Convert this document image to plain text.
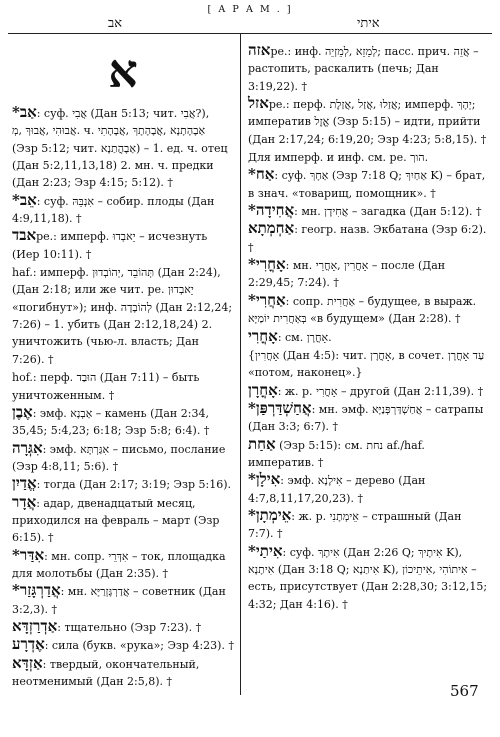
[ А Р А М . ]
אב	איתי
א
*אַב: суф. אֲבִי (Дан 5:13; чит. אֲבִי?), אֲבוּהִי ,אֲבוּךְ ,מְ. ч. אַבָהָתָנָא ,אֲבָהָתָךְ ,אֲבָהָתִי (Эзр 5:12; чит. אַבָהֳתַנָא) – 1. ед. ч. отец (Дан 5:2,11,13,18) 2. мн. ч. предки (Дан 2:23; Эзр 4:15; 5:12). †
*אֵב: суф. אִנְבֵּהּ – собир. плоды (Дан 4:9,11,18). †
אבדpe.: имперф. יֵאבְדוּ – исчезнуть (Иер 10:11). †
haf.: имперф. תְּהוֹבֵד ,יְהוֹבְדוּן (Дан 2:24), (Дан 2:18; или же чит. ре. יֵאבְדוּן «погибнут»); инф. לְהוֹבָדָה (Дан 2:12,24; 7:26) – 1. убить (Дан 2:12,18,24) 2. уничтожить (чью-л. власть; Дан 7:26). †
hof.: перф. הוּבַד (Дан 7:11) – быть уничтоженным. †
אֶבֶן: эмф. אַבְנָא – камень (Дан 2:34, 35,45; 5:4,23; 6:18; Эзр 5:8; 6:4). †
אִגְּרָה: эмф. אִגַּרְתָּא – письмо, послание (Эзр 4:8,11; 5:6). †
אֱדַיִן: тогда (Дан 2:17; 3:19; Эзр 5:16).
אֲדָר: адар, двенадцатый месяц, приходился на февраль – март (Эзр 6:15). †
*אִדַּר: мн. сопр. אִדְּרֵי – ток, площадка для молотьбы (Дан 2:35). †
*אֲדַרְגָּזַר: мн. אֲדַרְגָּזְרַיָּא – советник (Дан 3:2,3). †
אַדְרַזְדָּא: тщательно (Эзр 7:23). †
אֶדְרָע: сила (букв. «рука»; Эзр 4:23). †
אַזְדָּא: твердый, окончательный, неотменимый (Дан 2:5,8). †
אזהpe.: инф. לְמֵזֵא ,לְמֵזְיֵה; пасс. прич. אֲזֵה – растопить, раскалить (печь; Дан 3:19,22). †
אזלpe.: перф. אֲזַלוּ ,אֲזַל ,אֲזַלֶת; имперф. יְהָךְ; императив אֱזֶל (Эзр 5:15) – идти, прийти (Дан 2:17,24; 6:19,20; Эзр 4:23; 5:8,15). †
Для имперф. и инф. см. pe. הוך.
*אַח: суф. אַחָךְ (Эзр 7:18 Q; אַחַיִךְ K) – брат, в знач. «товарищ, помощник». †
*אֲחִידָה: мн. אֲחִידָן – загадка (Дан 5:12). †
אַחְמְתָא: геогр. назв. Экбатана (Эзр 6:2). †
*אָחֳרִי: мн. אָחֳרִין ,אָחֳרֵי – после (Дан 2:29,45; 7:24). †
*אַחֲרִי: сопр. אַחֲרִית – будущее, в выраж. בְּאַחֲרִית יוֹמַיָּא «в будущем» (Дан 2:28). †
אָחֳרִי: см. אָחֳרָן.
{אָחֳרִין (Дан 4:5): чит. אָחֳרָן, в сочет. עַד אָחֳרָן «потом, наконец».}
אָחֳרָן: ж. р. אָחֳרִי – другой (Дан 2:11,39). †
*אֲחַשְׁדַּרְפַּן: мн. эмф. אֲחַשְׁדַּרְפְּנַיָּא – сатрапы (Дан 3:3; 6:7). †
אַחַת (Эзр 5:15): см. נחת af./haf. императив. †
*אִילָן: эмф. אִילָנָא – дерево (Дан 4:7,8,11,17,20,23). †
*אֵימְתָן: ж. р. אֵימְתָנִי – страшный (Дан 7:7). †
*אִיתַי: суф. אִיתָךְ (Дан 2:26 Q; אִיתָיךְ K), אִיתָנָא (Дан 3:18 Q; אִיתַנָא K), אִיתוֹהִי ,אִיתֵיכוֹן – есть, присутствует (Дан 2:28,30; 3:12,15; 4:32; Дан 4:16). †
567
